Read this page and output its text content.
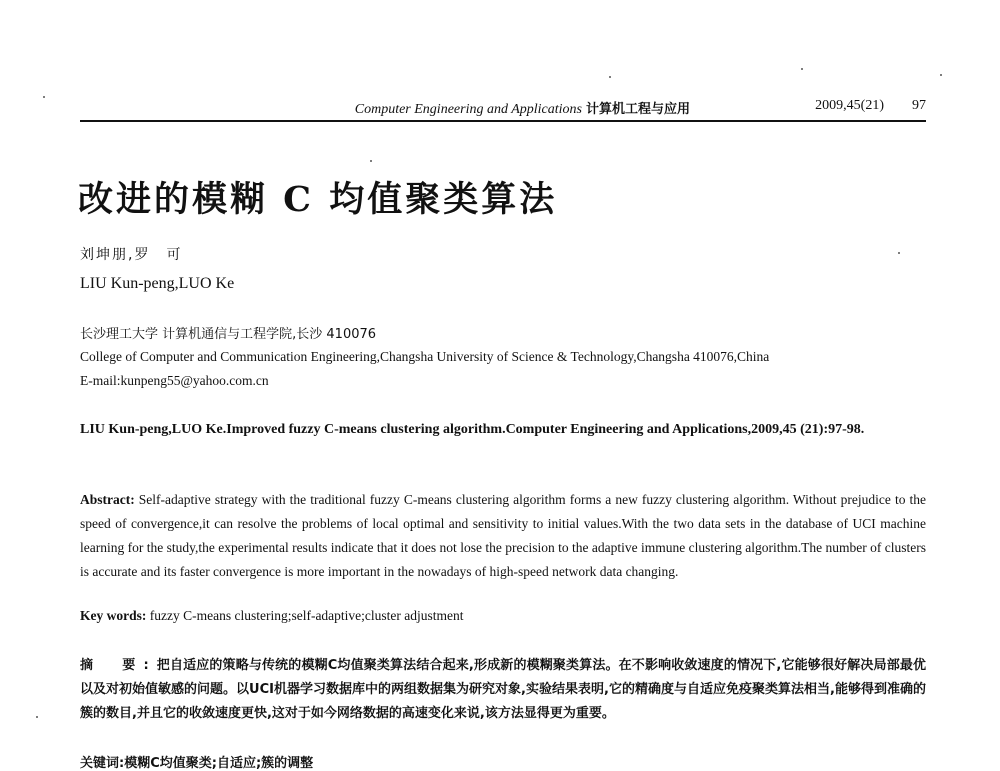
Computer Engineering and Applications 计算机工程与应用	2009,45(21) 97
改进的模糊 C 均值聚类算法
刘坤朋,罗　可
LIU Kun-peng,LUO Ke
长沙理工大学 计算机通信与工程学院,长沙 410076
College of Computer and Communication Engineering,Changsha University of Science & Technology,Changsha 410076,China
E-mail:kunpeng55@yahoo.com.cn
LIU Kun-peng,LUO Ke.Improved fuzzy C-means clustering algorithm.Computer Engineering and Applications,2009,45 (21):97-98.
Abstract: Self-adaptive strategy with the traditional fuzzy C-means clustering algorithm forms a new fuzzy clustering algorithm. Without prejudice to the speed of convergence,it can resolve the problems of local optimal and sensitivity to initial values.With the two data sets in the database of UCI machine learning for the study,the experimental results indicate that it does not lose the precision to the adaptive immune clustering algorithm.The number of clusters is accurate and its faster convergence is more important in the nowadays of high-speed network data changing.
Key words: fuzzy C-means clustering;self-adaptive;cluster adjustment
摘　要:把自适应的策略与传统的模糊C均值聚类算法结合起来,形成新的模糊聚类算法。在不影响收敛速度的情况下,它能够很好解决局部最优以及对初始值敏感的问题。以UCI机器学习数据库中的两组数据集为研究对象,实验结果表明,它的精确度与自适应免疫聚类算法相当,能够得到准确的簇的数目,并且它的收敛速度更快,这对于如今网络数据的高速变化来说,该方法显得更为重要。
关键词:模糊C均值聚类;自适应;簇的调整
